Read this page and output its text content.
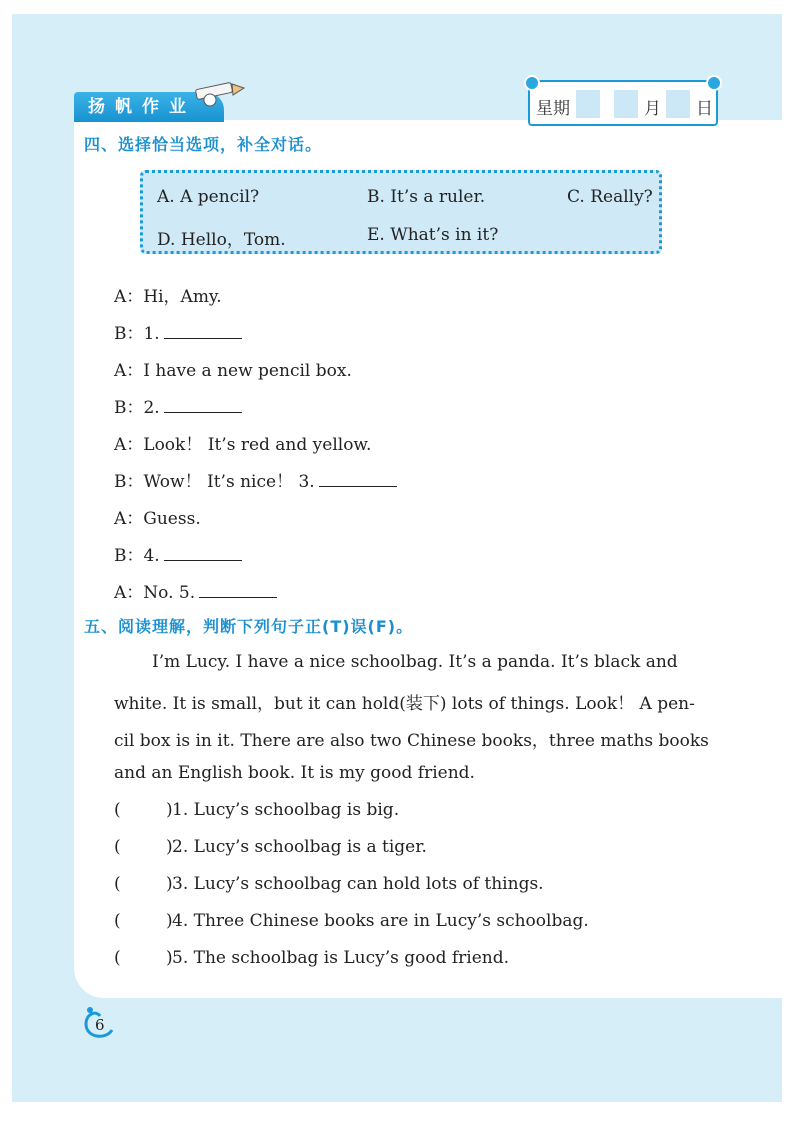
扬帆作业	星期	月 日
四、选择恰当选项，补全对话。
A. A pencil?	B. It’s a ruler.	C. Really?
D. Hello，Tom.	E. What’s in it?
A：Hi，Amy.
B：1.
A：I have a new pencil box.
B：2.
A：Look！ It’s red and yellow.
B：Wow！ It’s nice！ 3.
A：Guess.
B：4.
A：No. 5.
五、阅读理解，判断下列句子正(T)误(F)。
I’m Lucy. I have a nice schoolbag. It’s a panda. It’s black and
white. It is small，but it can hold(装下) lots of things. Look！ A pen-
cil box is in it. There are also two Chinese books，three maths books
and an English book. It is my good friend.
(	) 1. Lucy’s schoolbag is big.
(	) 2. Lucy’s schoolbag is a tiger.
(	) 3. Lucy’s schoolbag can hold lots of things.
(	) 4. Three Chinese books are in Lucy’s schoolbag.
(	) 5. The schoolbag is Lucy’s good friend.
6
